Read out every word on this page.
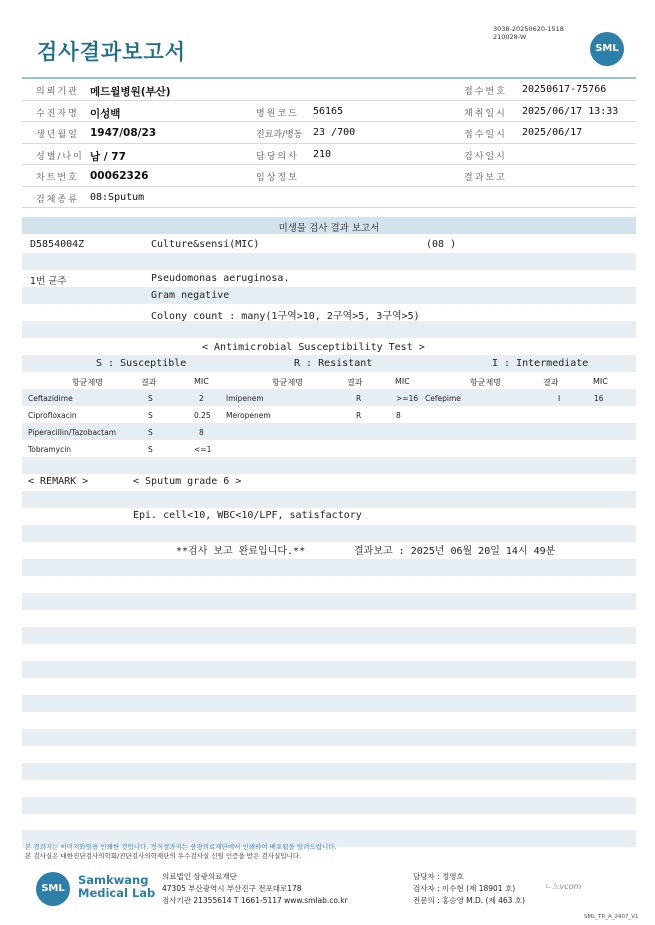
검사결과보고서
3038-20250620-1518
210028-W
SML
의뢰기관 메드윌병원(부산)	접수번호 20250617-75766
수진자명 이성백	병원코드 56165	채취일시 2025/06/17 13:33
생년월일 1947/08/23	진료과/병동 23 /700	접수일시 2025/06/17
성별/나이 남 / 77	담당의사 210	검사일시
차트번호 00062326	임상정보	결과보고
검체종류 08:Sputum
미생물 검사 결과 보고서
D5854004Z	Culture&sensi(MIC)	(08 )
1번 균주	Pseudomonas aeruginosa.
Gram negative
Colony count : many(1구역>10, 2구역>5, 3구역>5)
< Antimicrobial Susceptibility Test >
S : Susceptible	R : Resistant	I : Intermediate
항균제명	결과	MIC	항균제명	결과	MIC	항균제명	결과	MIC
Ceftazidime	S	2	Imipenem	R	>=16 Cefepime	I	16
Ciprofloxacin	S	0.25 Meropenem	R	8
Piperacillin/Tazobactam	S	8
Tobramycin	S	<=1
< REMARK >	< Sputum grade 6 >
Epi. cell<10, WBC<10/LPF, satisfactory
**검사 보고 완료입니다.**	결과보고 : 2025년 06월 20일 14시 49분
본 결과지는 이미지화일을 인쇄한 것입니다. 정식결과지는 삼광의료재단에서 인쇄하여 배포됨을 알려드립니다.
본 검사실은 대한진단검사의학회/진단검사의학재단의 우수검사실 신임 인증을 받은 검사실입니다.
SML
Samkwang
Medical Lab
의료법인 삼광의료재단
47305 부산광역시 부산진구 전포대로178
검사기관 21355614 T 1661-5117 www.smlab.co.kr
담당자 : 정영호
검사자 : 이수현 (제 18901 호)
전문의 : 홍승영 M.D. (제 463 호)
ㄴ노vcom
SML_TR_A_2407_V1
